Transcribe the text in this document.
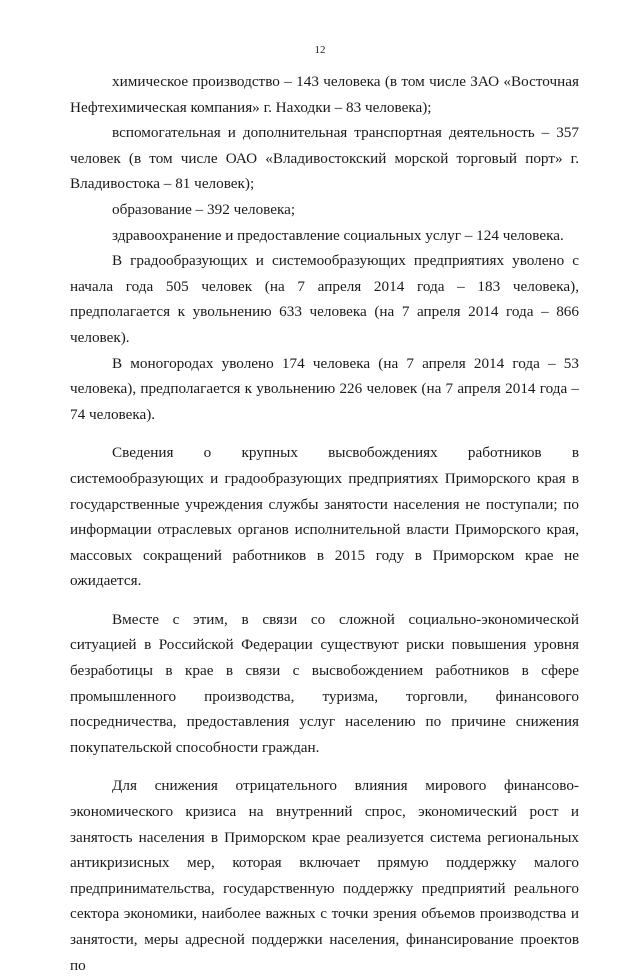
12

химическое производство – 143 человека (в том числе ЗАО «Восточная Нефтехимическая компания» г. Находки – 83 человека);

вспомогательная и дополнительная транспортная деятельность – 357 человек (в том числе ОАО «Владивостокский морской торговый порт» г. Владивостока – 81 человек);

образование – 392 человека;

здравоохранение и предоставление социальных услуг – 124 человека.

В градообразующих и системообразующих предприятиях уволено с начала года 505 человек (на 7 апреля 2014 года – 183 человека), предполагается к увольнению 633 человека (на 7 апреля 2014 года – 866 человек).

В моногородах уволено 174 человека (на 7 апреля 2014 года – 53 человека), предполагается к увольнению 226 человек (на 7 апреля 2014 года – 74 человека).

Сведения о крупных высвобождениях работников в системообразующих и градообразующих предприятиях Приморского края в государственные учреждения службы занятости населения не поступали; по информации отраслевых органов исполнительной власти Приморского края, массовых сокращений работников в 2015 году в Приморском крае не ожидается.

Вместе с этим, в связи со сложной социально-экономической ситуацией в Российской Федерации существуют риски повышения уровня безработицы в крае в связи с высвобождением работников в сфере промышленного производства, туризма, торговли, финансового посредничества, предоставления услуг населению по причине снижения покупательской способности граждан.

Для снижения отрицательного влияния мирового финансово-экономического кризиса на внутренний спрос, экономический рост и занятость населения в Приморском крае реализуется система региональных антикризисных мер, которая включает прямую поддержку малого предпринимательства, государственную поддержку предприятий реального сектора экономики, наиболее важных с точки зрения объемов производства и занятости, меры адресной поддержки населения, финансирование проектов по
